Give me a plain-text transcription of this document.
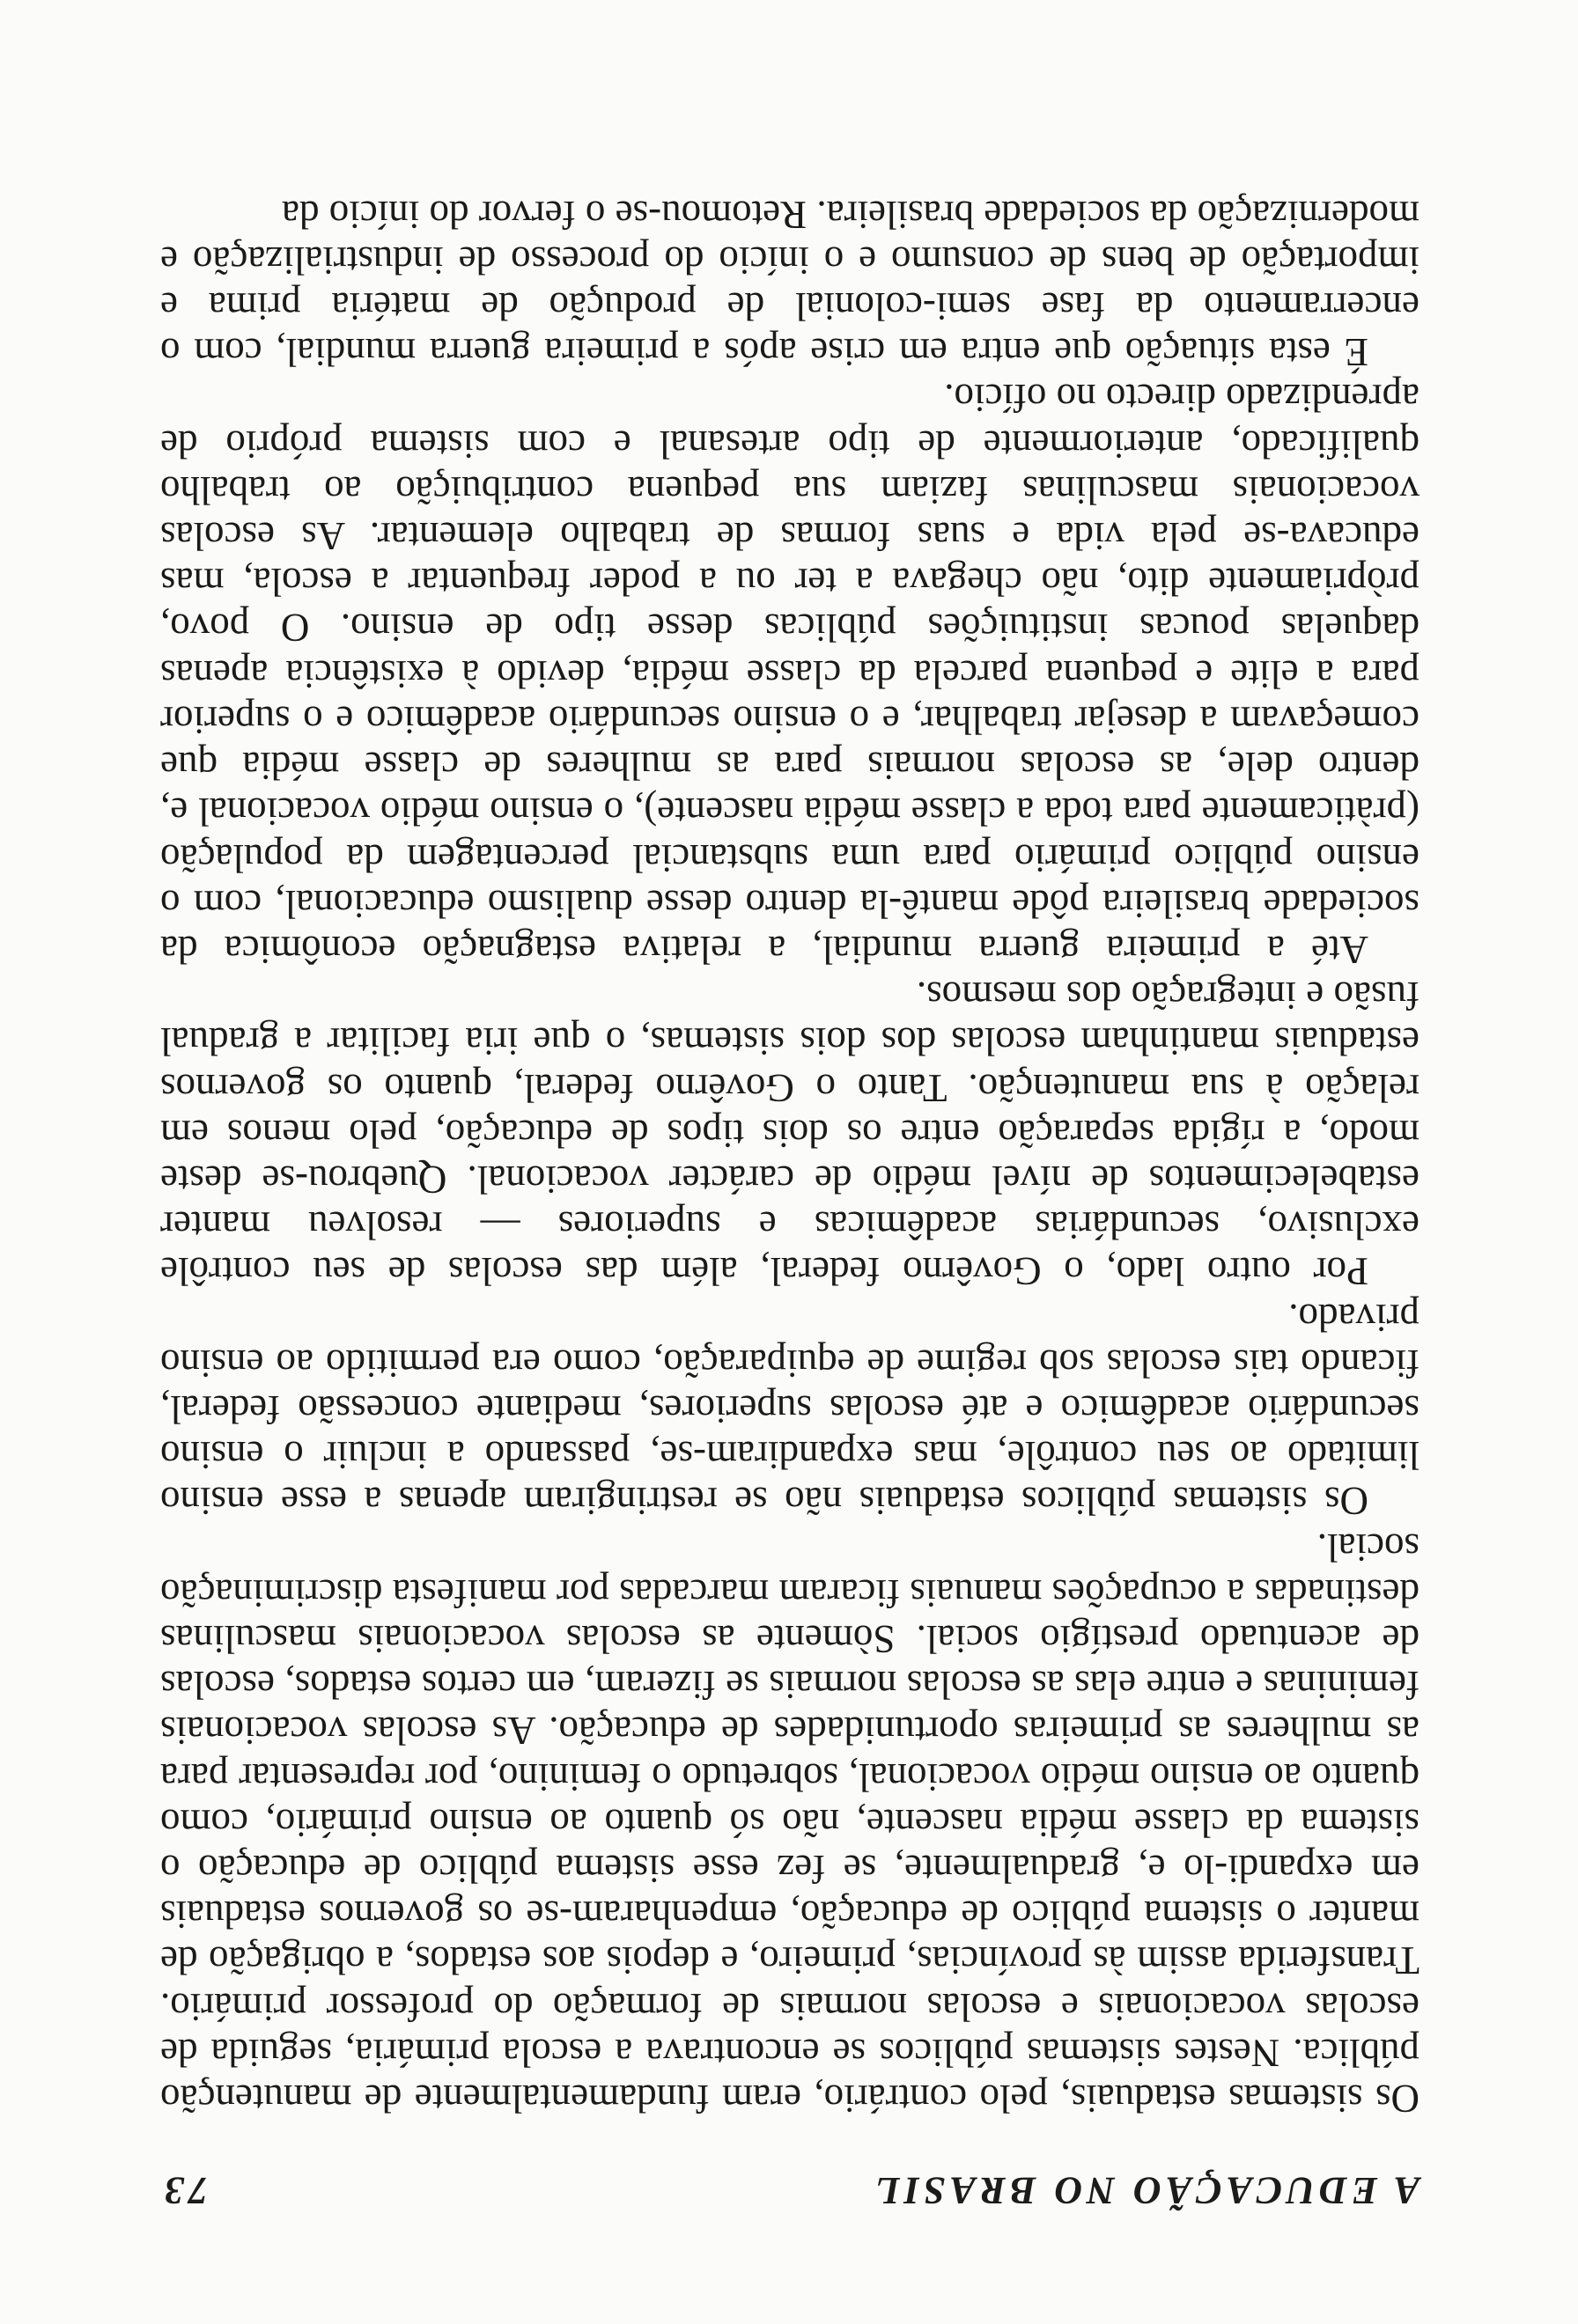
A EDUCAÇÃO NO BRASIL
73

Os sistemas estaduais, pelo contrário, eram fundamentalmente de manutenção pública. Nestes sistemas públicos se encontrava a escola primária, seguida de escolas vocacionais e escolas normais de formação do professor primário. Transferida assim às províncias, primeiro, e depois aos estados, a obrigação de manter o sistema público de educação, empenharam-se os governos estaduais em expandi-lo e, gradualmente, se fez esse sistema público de educação o sistema da classe média nascente, não só quanto ao ensino primário, como quanto ao ensino médio vocacional, sobretudo o feminino, por representar para as mulheres as primeiras oportunidades de educação. As escolas vocacionais femininas e entre elas as escolas normais se fizeram, em certos estados, escolas de acentuado prestígio social. Sòmente as escolas vocacionais masculinas destinadas a ocupações manuais ficaram marcadas por manifesta discriminação social.

Os sistemas públicos estaduais não se restringiram apenas a esse ensino limitado ao seu contrôle, mas expandiram-se, passando a incluir o ensino secundário acadêmico e até escolas superiores, mediante concessão federal, ficando tais escolas sob regime de equiparação, como era permitido ao ensino privado.

Por outro lado, o Govêrno federal, além das escolas de seu contrôle exclusivo, secundárias acadêmicas e superiores — resolveu manter estabelecimentos de nível médio de carácter vocacional. Quebrou-se deste modo, a rígida separação entre os dois tipos de educação, pelo menos em relação à sua manutenção. Tanto o Govêrno federal, quanto os governos estaduais mantinham escolas dos dois sistemas, o que iria facilitar a gradual fusão e integração dos mesmos.

Até a primeira guerra mundial, a relativa estagnação econômica da sociedade brasileira pôde mantê-la dentro desse dualismo educacional, com o ensino público primário para uma substancial percentagem da população (pràticamente para toda a classe média nascente), o ensino médio vocacional e, dentro dele, as escolas normais para as mulheres de classe média que começavam a desejar trabalhar, e o ensino secundário acadêmico e o superior para a elite e pequena parcela da classe média, devido à existência apenas daquelas poucas instituições públicas desse tipo de ensino. O povo, pròpriamente dito, não chegava a ter ou a poder frequentar a escola, mas educava-se pela vida e suas formas de trabalho elementar. As escolas vocacionais masculinas faziam sua pequena contribuição ao trabalho qualificado, anteriormente de tipo artesanal e com sistema próprio de aprendizado directo no ofício.

É esta situação que entra em crise após a primeira guerra mundial, com o encerramento da fase semi-colonial de produção de matéria prima e importação de bens de consumo e o início do processo de industrialização e modernização da sociedade brasileira. Retomou-se o fervor do início da
